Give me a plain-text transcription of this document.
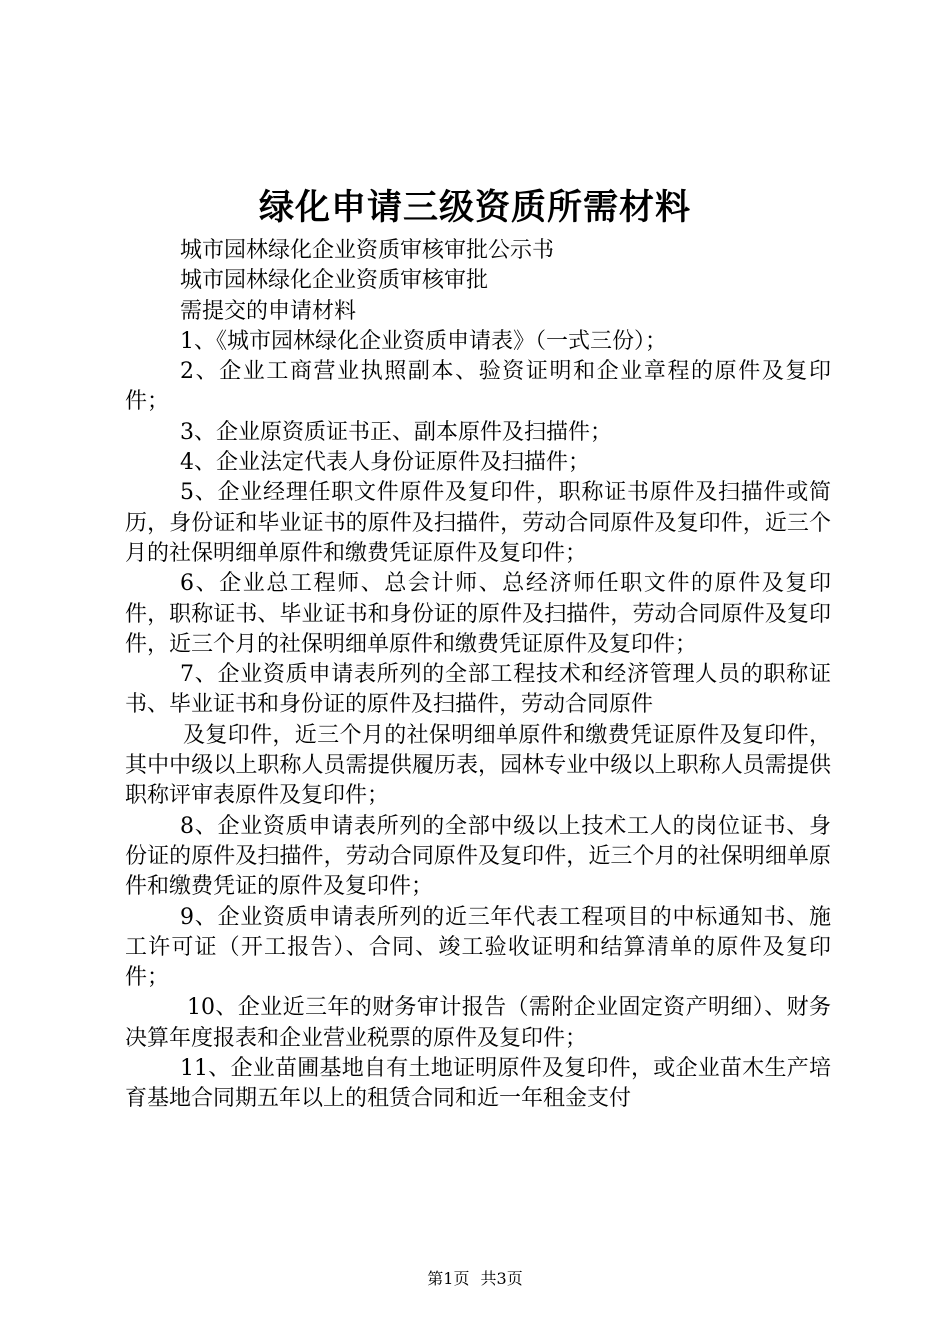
绿化申请三级资质所需材料

城市园林绿化企业资质审核审批公示书

城市园林绿化企业资质审核审批

需提交的申请材料

1、《城市园林绿化企业资质申请表》（一式三份）；

2、企业工商营业执照副本、验资证明和企业章程的原件及复印件；

3、企业原资质证书正、副本原件及扫描件；

4、企业法定代表人身份证原件及扫描件；

5、企业经理任职文件原件及复印件，职称证书原件及扫描件或简历，身份证和毕业证书的原件及扫描件，劳动合同原件及复印件，近三个月的社保明细单原件和缴费凭证原件及复印件；

6、企业总工程师、总会计师、总经济师任职文件的原件及复印件，职称证书、毕业证书和身份证的原件及扫描件，劳动合同原件及复印件，近三个月的社保明细单原件和缴费凭证原件及复印件；

7、企业资质申请表所列的全部工程技术和经济管理人员的职称证书、毕业证书和身份证的原件及扫描件，劳动合同原件

及复印件，近三个月的社保明细单原件和缴费凭证原件及复印件，其中中级以上职称人员需提供履历表，园林专业中级以上职称人员需提供职称评审表原件及复印件；

8、企业资质申请表所列的全部中级以上技术工人的岗位证书、身份证的原件及扫描件，劳动合同原件及复印件，近三个月的社保明细单原件和缴费凭证的原件及复印件；

9、企业资质申请表所列的近三年代表工程项目的中标通知书、施工许可证（开工报告）、合同、竣工验收证明和结算清单的原件及复印件；

10、企业近三年的财务审计报告（需附企业固定资产明细）、财务决算年度报表和企业营业税票的原件及复印件；

11、企业苗圃基地自有土地证明原件及复印件，或企业苗木生产培育基地合同期五年以上的租赁合同和近一年租金支付

第1页 共3页
